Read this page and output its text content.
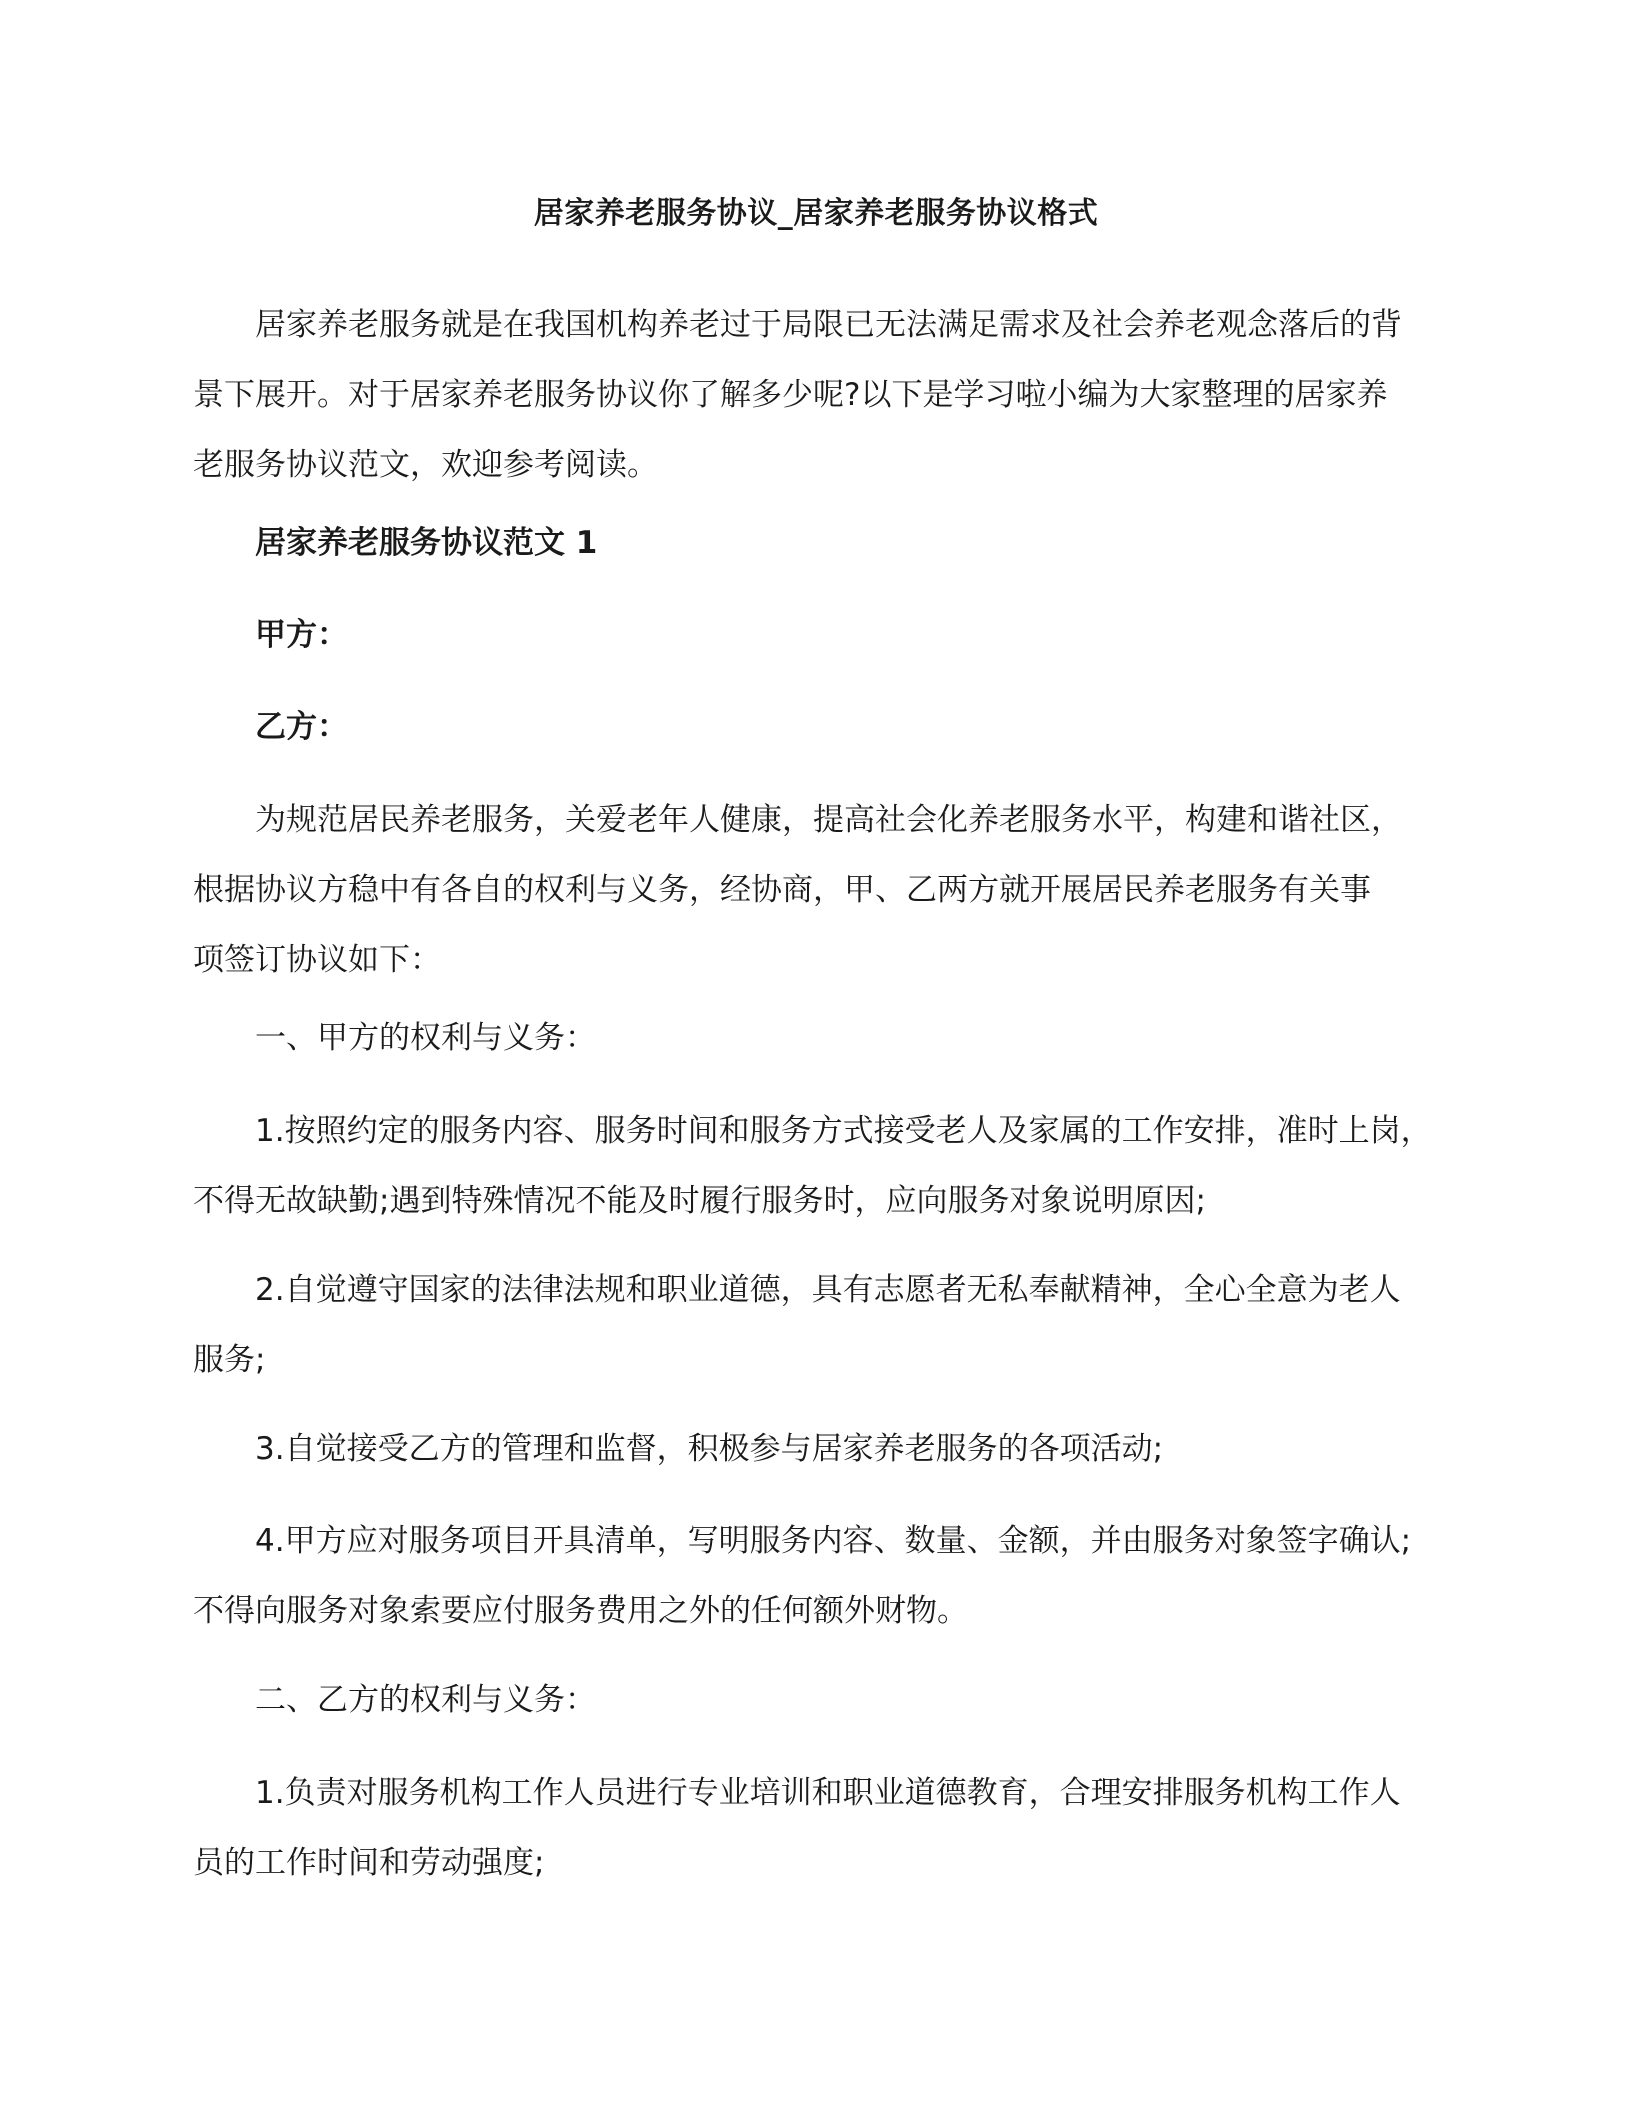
居家养老服务协议_居家养老服务协议格式
居家养老服务就是在我国机构养老过于局限已无法满足需求及社会养老观念落后的背
景下展开。对于居家养老服务协议你了解多少呢?以下是学习啦小编为大家整理的居家养
老服务协议范文，欢迎参考阅读。
居家养老服务协议范文 1
甲方：
乙方：
为规范居民养老服务，关爱老年人健康，提高社会化养老服务水平，构建和谐社区，
根据协议方稳中有各自的权利与义务，经协商，甲、乙两方就开展居民养老服务有关事
项签订协议如下：
一、甲方的权利与义务：
1.按照约定的服务内容、服务时间和服务方式接受老人及家属的工作安排，准时上岗，
不得无故缺勤;遇到特殊情况不能及时履行服务时，应向服务对象说明原因;
2.自觉遵守国家的法律法规和职业道德，具有志愿者无私奉献精神，全心全意为老人
服务;
3.自觉接受乙方的管理和监督，积极参与居家养老服务的各项活动;
4.甲方应对服务项目开具清单，写明服务内容、数量、金额，并由服务对象签字确认;
不得向服务对象索要应付服务费用之外的任何额外财物。
二、乙方的权利与义务：
1.负责对服务机构工作人员进行专业培训和职业道德教育，合理安排服务机构工作人
员的工作时间和劳动强度;
